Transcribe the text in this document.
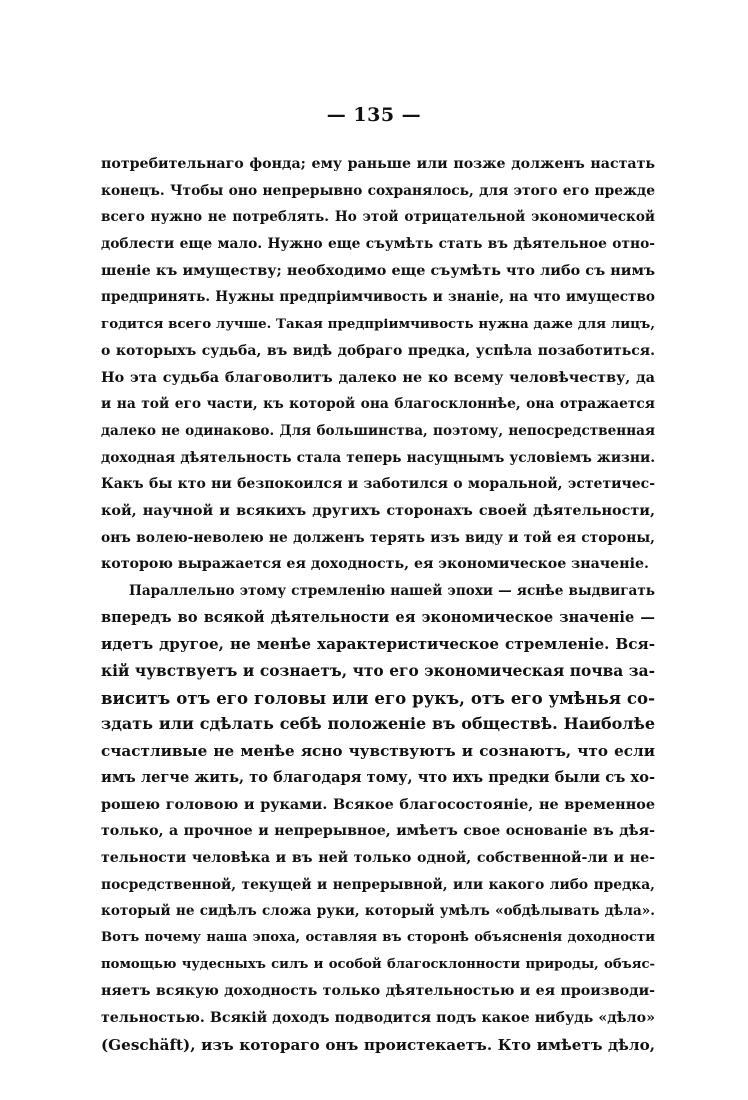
— 135 —
потребительнаго фонда; ему раньше или позже долженъ настать
конецъ. Чтобы оно непрерывно сохранялось, для этого его прежде
всего нужно не потреблять. Но этой отрицательной экономической
доблести еще мало. Нужно еще съумѣть стать въ дѣятельное отно-
шеніе къ имуществу; необходимо еще съумѣть что либо съ нимъ
предпринять. Нужны предпріимчивость и знаніе, на что имущество
годится всего лучше. Такая предпріимчивость нужна даже для лицъ,
о которыхъ судьба, въ видѣ добраго предка, успѣла позаботиться.
Но эта судьба благоволитъ далеко не ко всему человѣчеству, да
и на той его части, къ которой она благосклоннѣе, она отражается
далеко не одинаково. Для большинства, поэтому, непосредственная
доходная дѣятельность стала теперь насущнымъ условіемъ жизни.
Какъ бы кто ни безпокоился и заботился о моральной, эстетичес-
кой, научной и всякихъ другихъ сторонахъ своей дѣятельности,
онъ волею-неволею не долженъ терять изъ виду и той ея стороны,
которою выражается ея доходность, ея экономическое значеніе.
Параллельно этому стремленію нашей эпохи — яснѣе выдвигать
впередъ во всякой дѣятельности ея экономическое значеніе —
идетъ другое, не менѣе характеристическое стремленіе. Вся-
кій чувствуетъ и сознаетъ, что его экономическая почва за-
виситъ отъ его головы или его рукъ, отъ его умѣнья со-
здать или сдѣлать себѣ положеніе въ обществѣ. Наиболѣе
счастливые не менѣе ясно чувствуютъ и сознаютъ, что если
имъ легче жить, то благодаря тому, что ихъ предки были съ хо-
рошею головою и руками. Всякое благосостояніе, не временное
только, а прочное и непрерывное, имѣетъ свое основаніе въ дѣя-
тельности человѣка и въ ней только одной, собственной-ли и не-
посредственной, текущей и непрерывной, или какого либо предка,
который не сидѣлъ сложа руки, который умѣлъ «обдѣлывать дѣла».
Вотъ почему наша эпоха, оставляя въ сторонѣ объясненія доходности
помощью чудесныхъ силъ и особой благосклонности природы, объяс-
няетъ всякую доходность только дѣятельностью и ея производи-
тельностью. Всякій доходъ подводится подъ какое нибудь «дѣло»
(Geschäft), изъ котораго онъ проистекаетъ. Кто имѣетъ дѣло,
